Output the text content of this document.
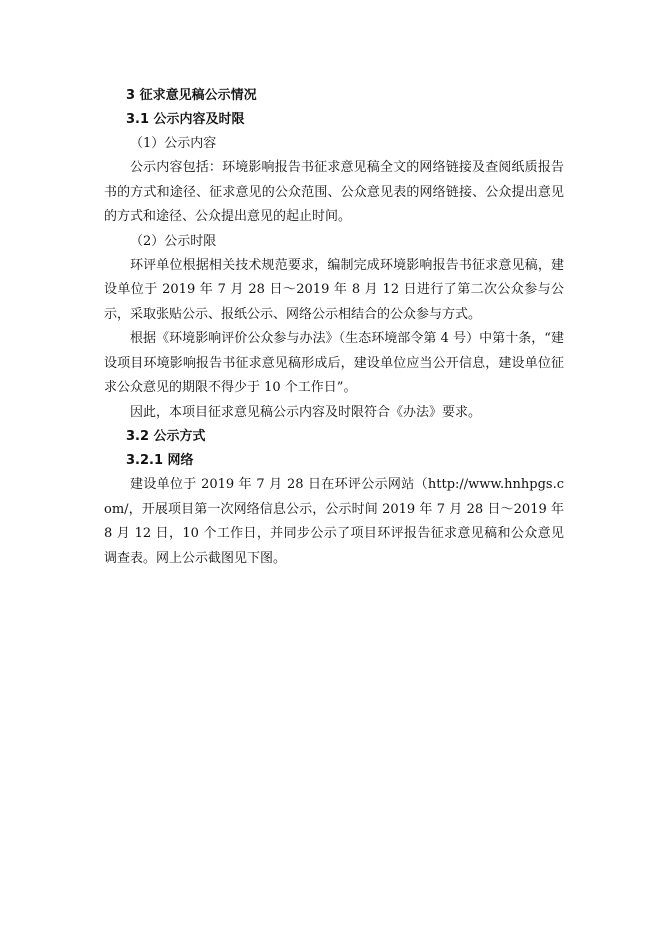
3 征求意见稿公示情况
3.1 公示内容及时限
（1）公示内容

公示内容包括：环境影响报告书征求意见稿全文的网络链接及查阅纸质报告书的方式和途径、征求意见的公众范围、公众意见表的网络链接、公众提出意见的方式和途径、公众提出意见的起止时间。

（2）公示时限

环评单位根据相关技术规范要求，编制完成环境影响报告书征求意见稿，建设单位于 2019 年 7 月 28 日～2019 年 8 月 12 日进行了第二次公众参与公示，采取张贴公示、报纸公示、网络公示相结合的公众参与方式。

根据《环境影响评价公众参与办法》（生态环境部令第 4 号）中第十条，“建设项目环境影响报告书征求意见稿形成后，建设单位应当公开信息，建设单位征求公众意见的期限不得少于 10 个工作日”。

因此，本项目征求意见稿公示内容及时限符合《办法》要求。

3.2 公示方式
3.2.1 网络

建设单位于 2019 年 7 月 28 日在环评公示网站（http://www.hnhpgs.com/，开展项目第一次网络信息公示，公示时间 2019 年 7 月 28 日～2019 年 8 月 12 日，10 个工作日，并同步公示了项目环评报告征求意见稿和公众意见调查表。网上公示截图见下图。
